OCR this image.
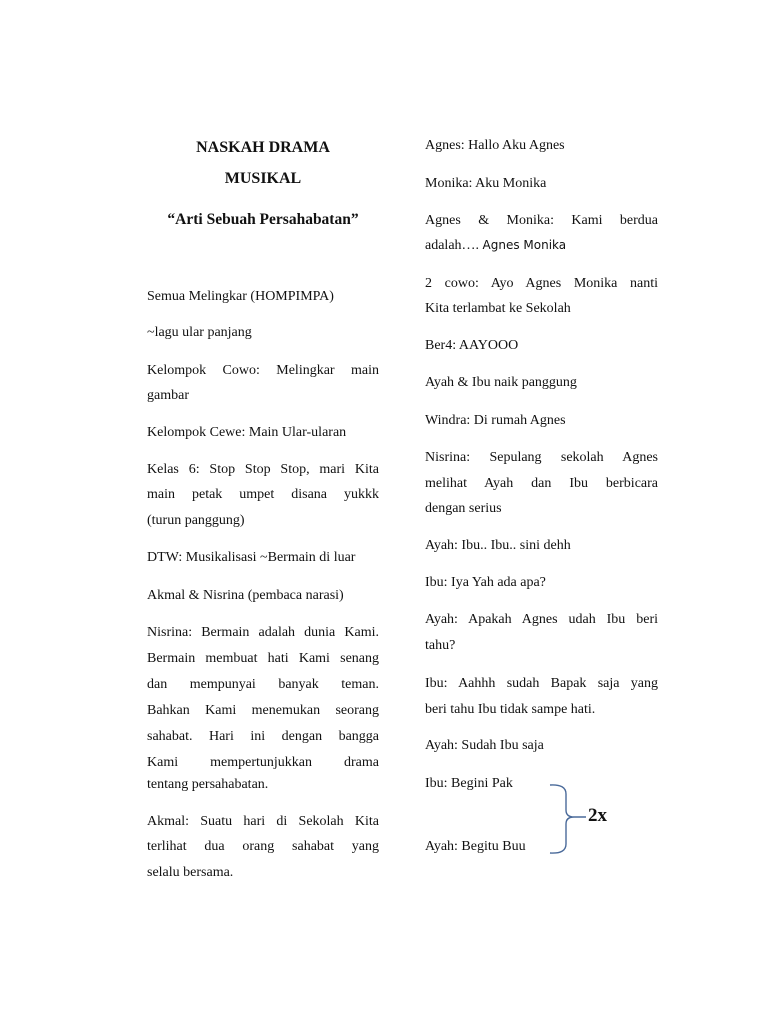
NASKAH DRAMA
MUSIKAL
“Arti Sebuah Persahabatan”
Semua Melingkar (HOMPIMPA)
~lagu ular panjang
Kelompok Cowo: Melingkar main
gambar
Kelompok Cewe: Main Ular-ularan
Kelas 6: Stop Stop Stop, mari Kita
main petak umpet disana yukkk
(turun panggung)
DTW: Musikalisasi ~Bermain di luar
Akmal & Nisrina (pembaca narasi)
Nisrina: Bermain adalah dunia Kami.
Bermain membuat hati Kami senang
dan mempunyai banyak teman.
Bahkan Kami menemukan seorang
sahabat. Hari ini dengan bangga
Kami mempertunjukkan drama
tentang persahabatan.
Akmal: Suatu hari di Sekolah Kita
terlihat dua orang sahabat yang
selalu bersama.
Agnes: Hallo Aku Agnes
Monika: Aku Monika
Agnes & Monika: Kami berdua
adalah…. Agnes Monika
2 cowo: Ayo Agnes Monika nanti
Kita terlambat ke Sekolah
Ber4: AAYOOO
Ayah & Ibu naik panggung
Windra: Di rumah Agnes
Nisrina: Sepulang sekolah Agnes
melihat Ayah dan Ibu berbicara
dengan serius
Ayah: Ibu.. Ibu.. sini dehh
Ibu: Iya Yah ada apa?
Ayah: Apakah Agnes udah Ibu beri
tahu?
Ibu: Aahhh sudah Bapak saja yang
beri tahu Ibu tidak sampe hati.
Ayah: Sudah Ibu saja
Ibu: Begini Pak
Ayah: Begitu Buu
2x
